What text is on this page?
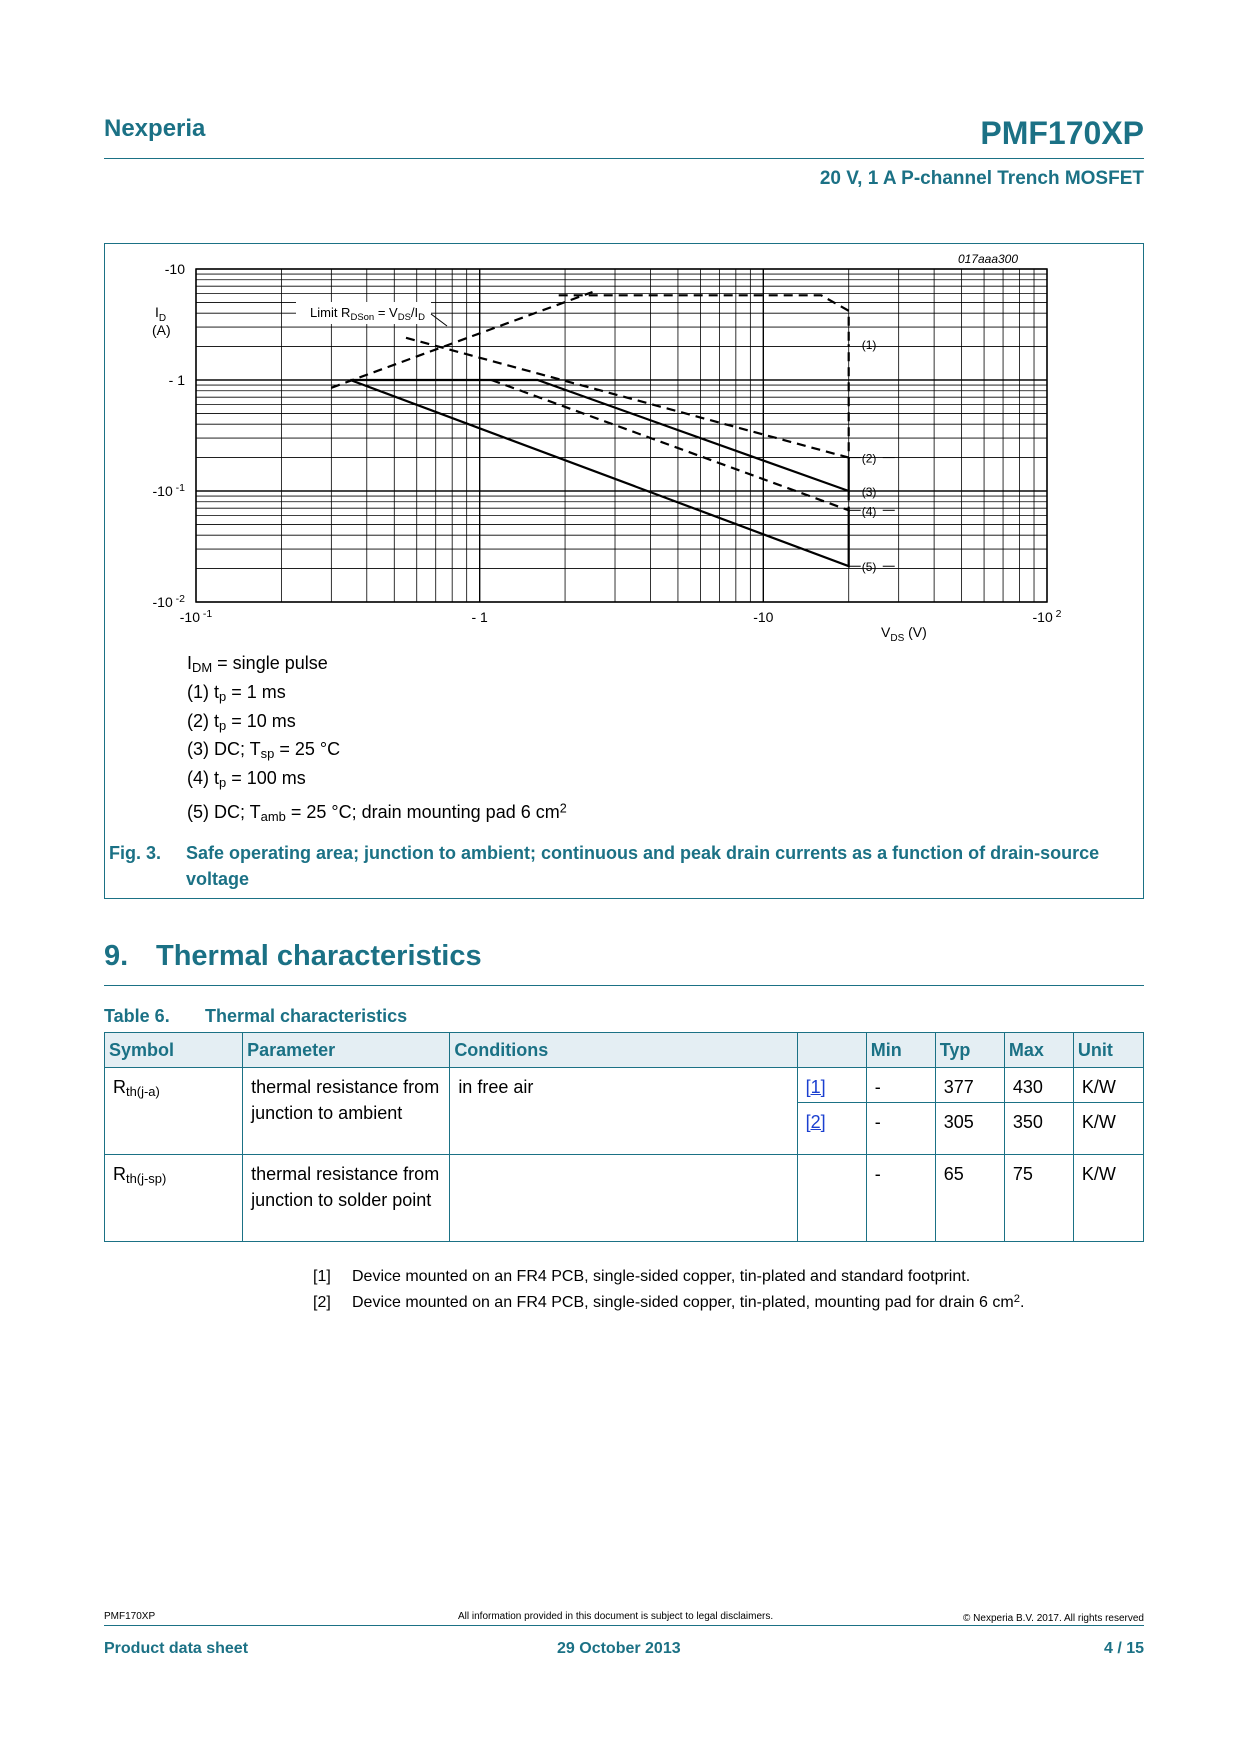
Nexperia	PMF170XP
20 V, 1 A P-channel Trench MOSFET
(1)
(2)
(3)
(4)
(5)
-10 $^{-1}$	- 1	-10	-10 $^2$
-10
- 1
-10 $^{-1}$
-10 $^{-2}$
017aaa300
$I_D$
(A)
$V_{DS}$ (V)
Limit $R_{DSon} = V_{DS}/I_D$
$I_{DM}$ = single pulse
(1) $t_p = 1$ ms
(2) $t_p = 10$ ms
(3) DC; $T_{sp} = 25$ °C
(4) $t_p = 100$ ms
(5) DC; $T_{amb} = 25$ °C; drain mounting pad 6 $cm^2$
Fig. 3.	Safe operating area; junction to ambient; continuous and peak drain currents as a function of drain-source voltage
9. Thermal characteristics
Table 6. Thermal characteristics
Symbol	Parameter	Conditions		Min	Typ	Max	Unit
$R_{th(j-a)}$	thermal resistance from junction to ambient	in free air	[1]	-	377	430	K/W
			[2]	-	305	350	K/W
$R_{th(j-sp)}$	thermal resistance from junction to solder point			-	65	75	K/W
[1] Device mounted on an FR4 PCB, single-sided copper, tin-plated and standard footprint.
[2] Device mounted on an FR4 PCB, single-sided copper, tin-plated, mounting pad for drain 6 $cm^2$.
PMF170XP	All information provided in this document is subject to legal disclaimers.	© Nexperia B.V. 2017. All rights reserved
Product data sheet	29 October 2013	4 / 15
